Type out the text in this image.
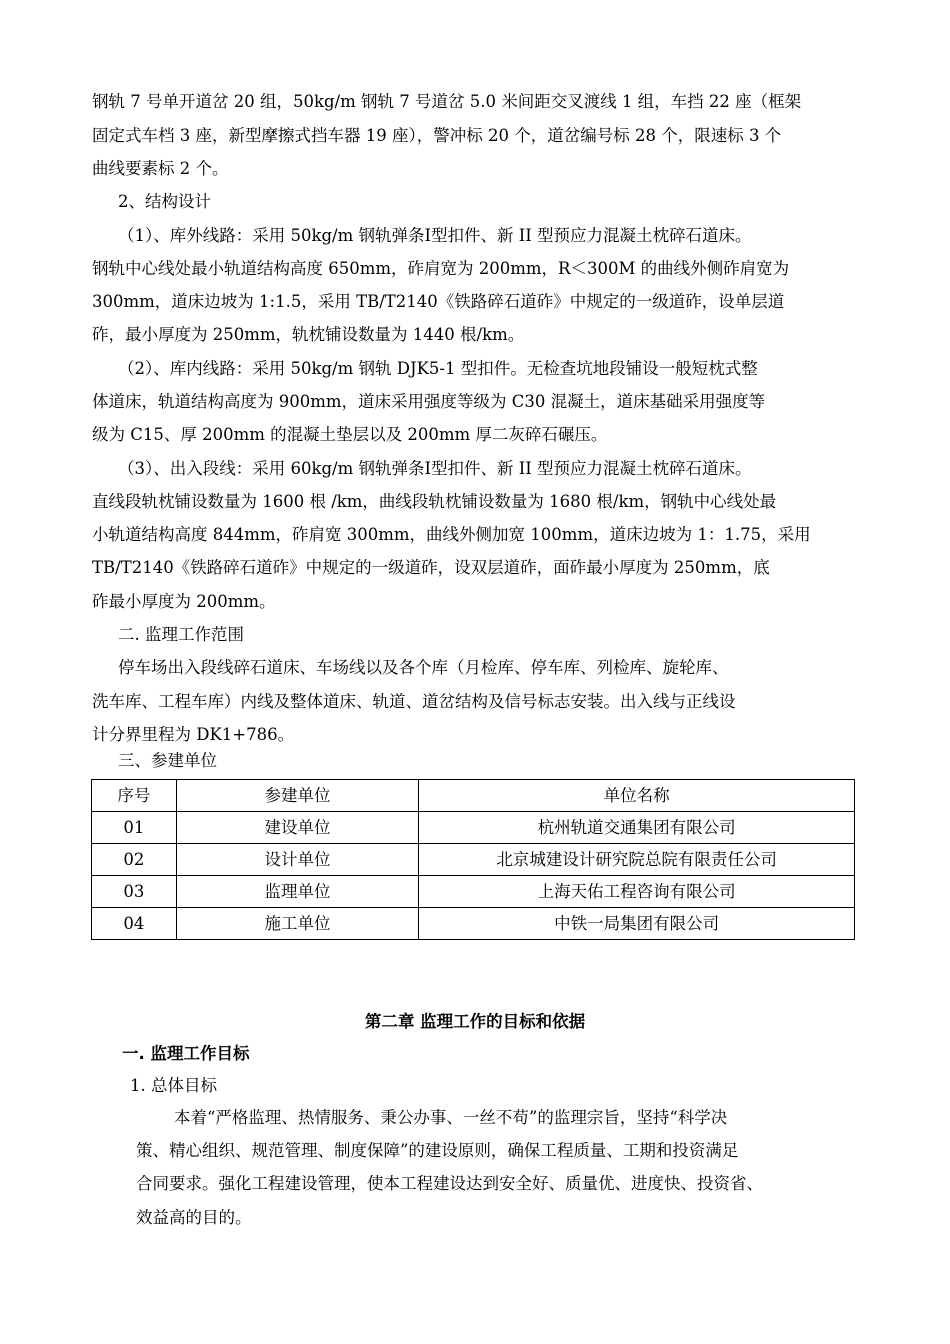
钢轨 7 号单开道岔 20 组，50kg/m 钢轨 7 号道岔 5.0 米间距交叉渡线 1 组，车挡 22 座（框架
固定式车档 3 座，新型摩擦式挡车器 19 座），警冲标 20 个，道岔编号标 28 个，限速标 3 个
曲线要素标 2 个。
2、结构设计
（1）、库外线路：采用 50kg/m 钢轨弹条Ⅰ型扣件、新 II 型预应力混凝土枕碎石道床。
钢轨中心线处最小轨道结构高度 650mm，砟肩宽为 200mm，R＜300M 的曲线外侧砟肩宽为
300mm，道床边坡为 1:1.5，采用 TB/T2140《铁路碎石道砟》中规定的一级道砟，设单层道
砟，最小厚度为 250mm，轨枕铺设数量为 1440 根/km。
（2）、库内线路：采用 50kg/m 钢轨 DJK5-1 型扣件。无检查坑地段铺设一般短枕式整
体道床，轨道结构高度为 900mm，道床采用强度等级为 C30 混凝土，道床基础采用强度等
级为 C15、厚 200mm 的混凝土垫层以及 200mm 厚二灰碎石碾压。
（3）、出入段线：采用 60kg/m 钢轨弹条Ⅰ型扣件、新 II 型预应力混凝土枕碎石道床。
直线段轨枕铺设数量为 1600 根 /km，曲线段轨枕铺设数量为 1680 根/km，钢轨中心线处最
小轨道结构高度 844mm，砟肩宽 300mm，曲线外侧加宽 100mm，道床边坡为 1：1.75，采用
TB/T2140《铁路碎石道砟》中规定的一级道砟，设双层道砟，面砟最小厚度为 250mm，底
砟最小厚度为 200mm。
二. 监理工作范围
停车场出入段线碎石道床、车场线以及各个库（月检库、停车库、列检库、旋轮库、
洗车库、工程车库）内线及整体道床、轨道、道岔结构及信号标志安装。出入线与正线设
计分界里程为 DK1+786。
三、参建单位
序号	参建单位	单位名称
01	建设单位	杭州轨道交通集团有限公司
02	设计单位	北京城建设计研究院总院有限责任公司
03	监理单位	上海天佑工程咨询有限公司
04	施工单位	中铁一局集团有限公司
第二章 监理工作的目标和依据
一. 监理工作目标
1. 总体目标
本着“严格监理、热情服务、秉公办事、一丝不苟”的监理宗旨，坚持“科学决
策、精心组织、规范管理、制度保障”的建设原则，确保工程质量、工期和投资满足
合同要求。强化工程建设管理，使本工程建设达到安全好、质量优、进度快、投资省、
效益高的目的。
